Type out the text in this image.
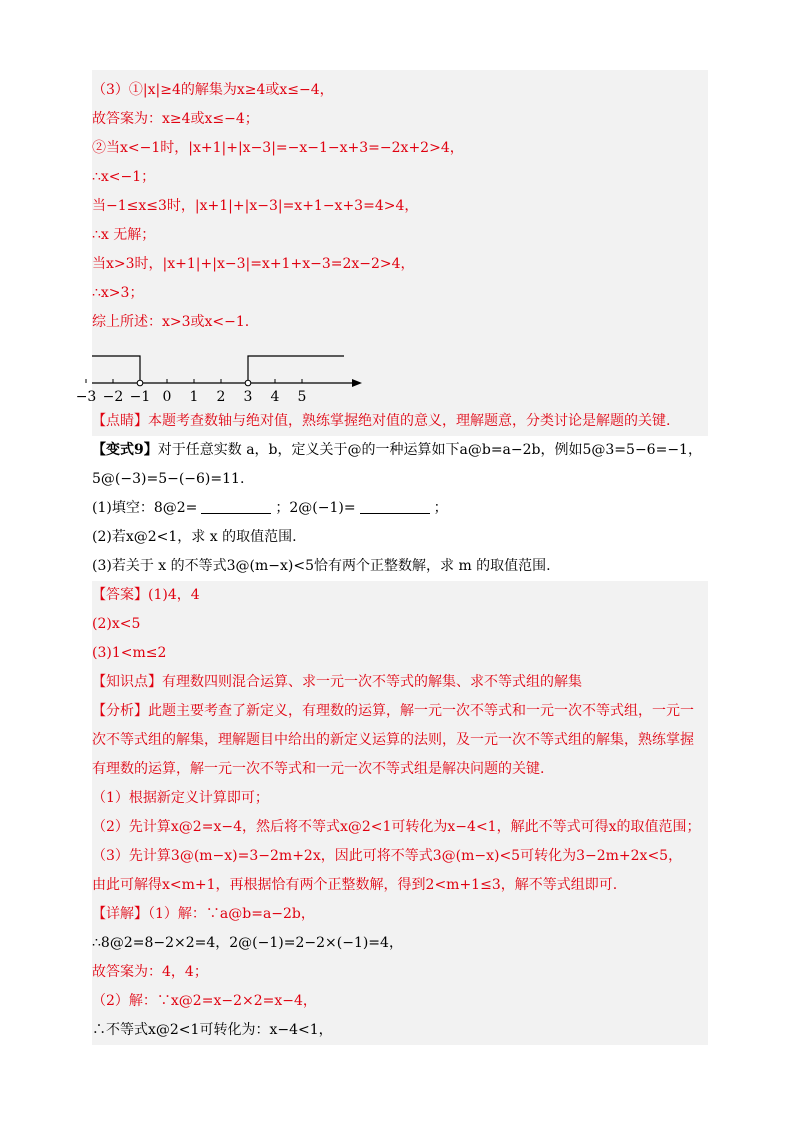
（3）①|x|≥4的解集为x≥4或x≤−4，
故答案为：x≥4或x≤−4；
②当x<−1时，|x+1|+|x−3|=−x−1−x+3=−2x+2>4，
∴x<−1；
当−1≤x≤3时，|x+1|+|x−3|=x+1−x+3=4>4，
∴x 无解；
当x>3时，|x+1|+|x−3|=x+1+x−3=2x−2>4，
∴x>3；
综上所述：x>3或x<−1.
−3 −2 −1 0 1 2 3 4 5
【点睛】本题考查数轴与绝对值，熟练掌握绝对值的意义，理解题意，分类讨论是解题的关键.
【变式9】对于任意实数 a，b，定义关于@的一种运算如下a@b=a−2b，例如5@3=5−6=−1，
5@(−3)=5−(−6)=11.
(1)填空：8@2=	；2@(−1)=	；
(2)若x@2<1，求 x 的取值范围.
(3)若关于 x 的不等式3@(m−x)<5恰有两个正整数解，求 m 的取值范围.
【答案】(1)4，4
(2)x<5
(3)1<m≤2
【知识点】有理数四则混合运算、求一元一次不等式的解集、求不等式组的解集
【分析】此题主要考查了新定义，有理数的运算，解一元一次不等式和一元一次不等式组，一元一
次不等式组的解集，理解题目中给出的新定义运算的法则，及一元一次不等式组的解集，熟练掌握
有理数的运算，解一元一次不等式和一元一次不等式组是解决问题的关键.
（1）根据新定义计算即可；
（2）先计算x@2=x−4，然后将不等式x@2<1可转化为x−4<1，解此不等式可得x的取值范围；
（3）先计算3@(m−x)=3−2m+2x，因此可将不等式3@(m−x)<5可转化为3−2m+2x<5，
由此可解得x<m+1，再根据恰有两个正整数解，得到2<m+1≤3，解不等式组即可.
【详解】（1）解：∵a@b=a−2b，
∴8@2=8−2×2=4，2@(−1)=2−2×(−1)=4，
故答案为：4，4；
（2）解：∵x@2=x−2×2=x−4，
∴不等式x@2<1可转化为：x−4<1，
